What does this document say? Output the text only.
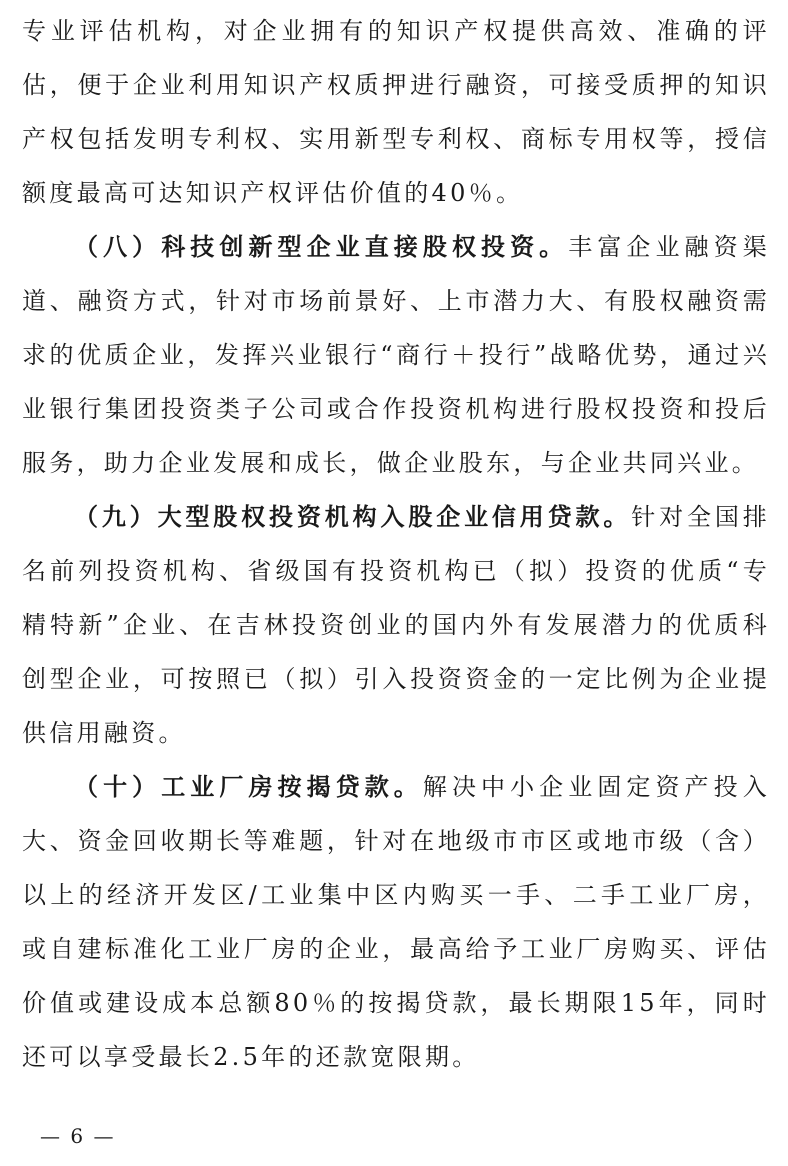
专业评估机构，对企业拥有的知识产权提供高效、准确的评估，便于企业利用知识产权质押进行融资，可接受质押的知识产权包括发明专利权、实用新型专利权、商标专用权等，授信额度最高可达知识产权评估价值的40％。

（八）科技创新型企业直接股权投资。丰富企业融资渠道、融资方式，针对市场前景好、上市潜力大、有股权融资需求的优质企业，发挥兴业银行“商行＋投行”战略优势，通过兴业银行集团投资类子公司或合作投资机构进行股权投资和投后服务，助力企业发展和成长，做企业股东，与企业共同兴业。

（九）大型股权投资机构入股企业信用贷款。针对全国排名前列投资机构、省级国有投资机构已（拟）投资的优质“专精特新”企业、在吉林投资创业的国内外有发展潜力的优质科创型企业，可按照已（拟）引入投资资金的一定比例为企业提供信用融资。

（十）工业厂房按揭贷款。解决中小企业固定资产投入大、资金回收期长等难题，针对在地级市市区或地市级（含）以上的经济开发区/工业集中区内购买一手、二手工业厂房，或自建标准化工业厂房的企业，最高给予工业厂房购买、评估价值或建设成本总额80％的按揭贷款，最长期限15年，同时还可以享受最长2.5年的还款宽限期。

— 6 —
